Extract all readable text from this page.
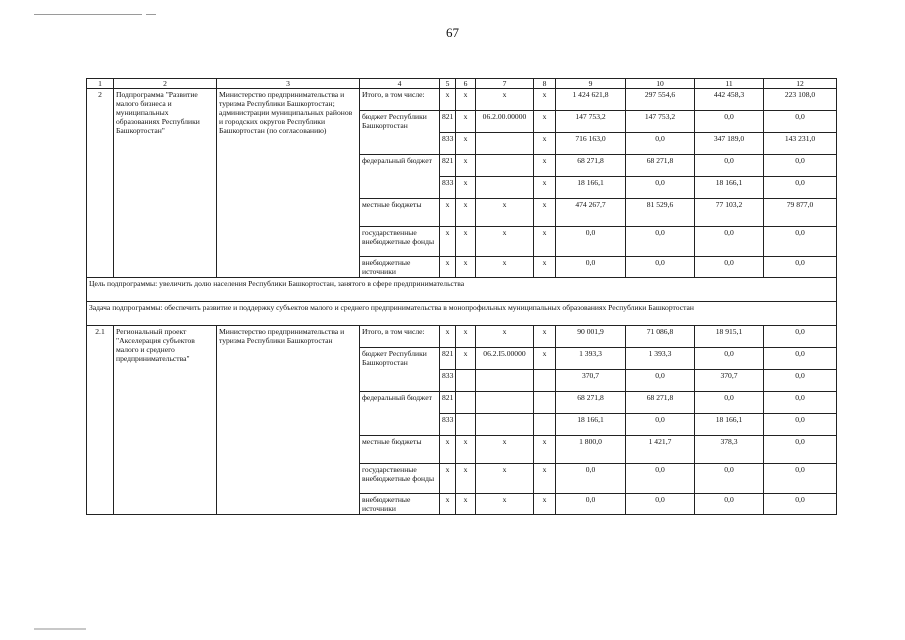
67
1	2	3	4	5	6	7	8	9	10	11	12
2	Подпрограмма "Развитие малого бизнеса и муниципальных образованиях Республики Башкортостан"	Министерство предпринимательства и туризма Республики Башкортостан; администрации муниципальных районов и городских округов Республики Башкортостан (по согласованию)	Итого, в том числе:	х	х	х	х	1 424 621,8	297 554,6	442 458,3	223 108,0
			бюджет Республики Башкортостан	821	х	06.2.00.00000	х	147 753,2	147 753,2	0,0	0,0
				833	х		х	716 163,0	0,0	347 189,0	143 231,0
			федеральный бюджет	821	х		х	68 271,8	68 271,8	0,0	0,0
				833	х		х	18 166,1	0,0	18 166,1	0,0
			местные бюджеты	х	х	х	х	474 267,7	81 529,6	77 103,2	79 877,0
			государственные внебюджетные фонды	х	х	х	х	0,0	0,0	0,0	0,0
			внебюджетные источники	х	х	х	х	0,0	0,0	0,0	0,0
Цель подпрограммы: увеличить долю населения Республики Башкортостан, занятого в сфере предпринимательства											
Задача подпрограммы: обеспечить развитие и поддержку субъектов малого и среднего предпринимательства в монопрофильных муниципальных образованиях Республики Башкортостан											
2.1	Региональный проект "Акселерация субъектов малого и среднего предпринимательства"	Министерство предпринимательства и туризма Республики Башкортостан	Итого, в том числе:	х	х	х	х	90 001,9	71 086,8	18 915,1	0,0
			бюджет Республики Башкортостан	821	х	06.2.I5.00000	х	1 393,3	1 393,3	0,0	0,0
				833				370,7	0,0	370,7	0,0
			федеральный бюджет	821				68 271,8	68 271,8	0,0	0,0
				833				18 166,1	0,0	18 166,1	0,0
			местные бюджеты	х	х	х	х	1 800,0	1 421,7	378,3	0,0
			государственные внебюджетные фонды	х	х	х	х	0,0	0,0	0,0	0,0
			внебюджетные источники	х	х	х	х	0,0	0,0	0,0	0,0
